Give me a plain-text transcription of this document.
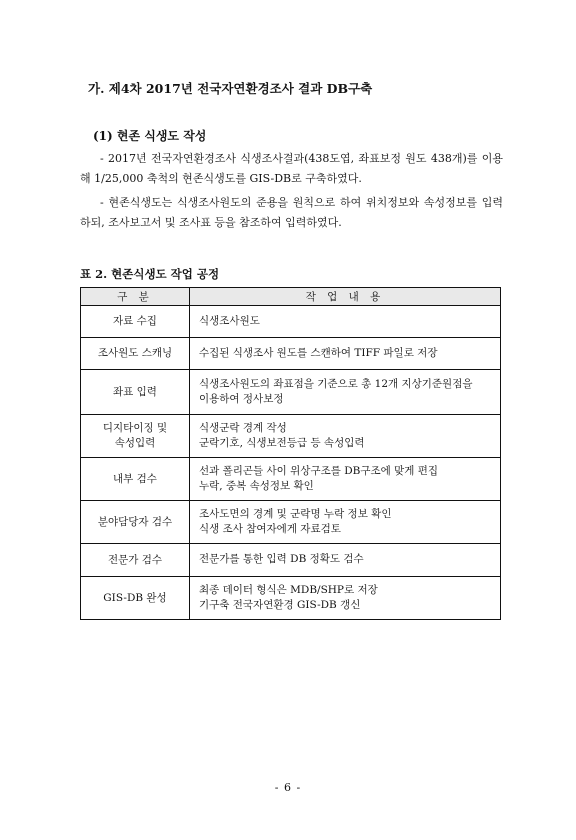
가. 제4차 2017년 전국자연환경조사 결과 DB구축
(1) 현존 식생도 작성

- 2017년 전국자연환경조사 식생조사결과(438도엽, 좌표보정 원도 438개)를 이용해 1/25,000 축척의 현존식생도를 GIS-DB로 구축하였다.

- 현존식생도는 식생조사원도의 준용을 원칙으로 하여 위치정보와 속성정보를 입력하되, 조사보고서 및 조사표 등을 참조하여 입력하였다.

표 2. 현존식생도 작업 공정
구 분	작 업 내 용

자료 수집	식생조사원도

조사원도 스캐닝	수집된 식생조사 원도를 스캔하여 TIFF 파일로 저장

좌표 입력	식생조사원도의 좌표점을 기준으로 총 12개 지상기준원점을
이용하여 정사보정

디지타이징 및
속성입력	식생군락 경계 작성
군락기호, 식생보전등급 등 속성입력

내부 검수	선과 폴리곤들 사이 위상구조를 DB구조에 맞게 편집
누락, 중복 속성정보 확인

분야담당자 검수	조사도면의 경계 및 군락명 누락 정보 확인
식생 조사 참여자에게 자료검토

전문가 검수	전문가를 통한 입력 DB 정확도 검수

GIS-DB 완성	최종 데이터 형식은 MDB/SHP로 저장
기구축 전국자연환경 GIS-DB 갱신
- 6 -
